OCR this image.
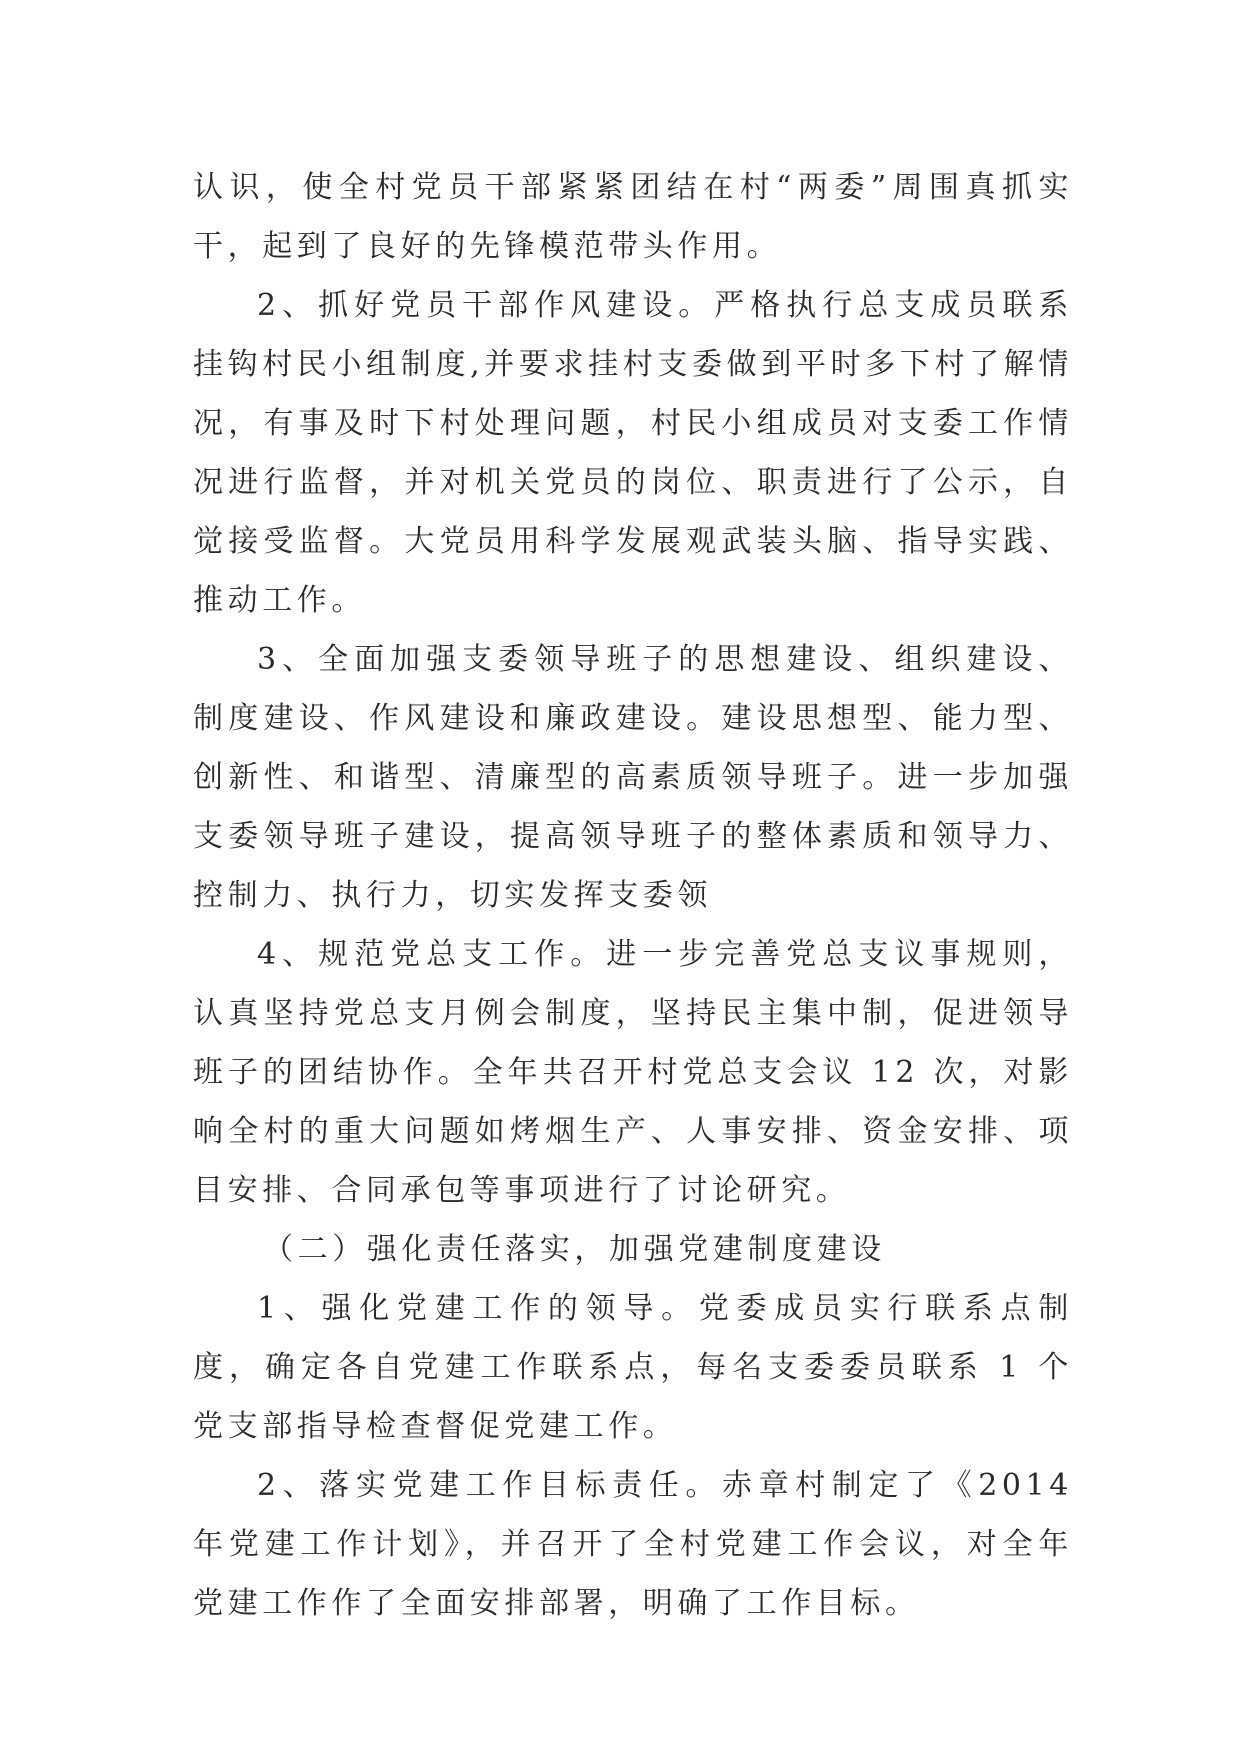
认识，使全村党员干部紧紧团结在村“两委”周围真抓实干，起到了良好的先锋模范带头作用。

2、抓好党员干部作风建设。严格执行总支成员联系挂钩村民小组制度,并要求挂村支委做到平时多下村了解情况，有事及时下村处理问题，村民小组成员对支委工作情况进行监督，并对机关党员的岗位、职责进行了公示，自觉接受监督。大党员用科学发展观武装头脑、指导实践、推动工作。

3、全面加强支委领导班子的思想建设、组织建设、制度建设、作风建设和廉政建设。建设思想型、能力型、创新性、和谐型、清廉型的高素质领导班子。进一步加强支委领导班子建设，提高领导班子的整体素质和领导力、控制力、执行力，切实发挥支委领

4、规范党总支工作。进一步完善党总支议事规则，认真坚持党总支月例会制度，坚持民主集中制，促进领导班子的团结协作。全年共召开村党总支会议 12 次，对影响全村的重大问题如烤烟生产、人事安排、资金安排、项目安排、合同承包等事项进行了讨论研究。

（二）强化责任落实，加强党建制度建设

1、强化党建工作的领导。党委成员实行联系点制度，确定各自党建工作联系点，每名支委委员联系 1 个党支部指导检查督促党建工作。

2、落实党建工作目标责任。赤章村制定了《2014 年党建工作计划》，并召开了全村党建工作会议，对全年党建工作作了全面安排部署，明确了工作目标。
